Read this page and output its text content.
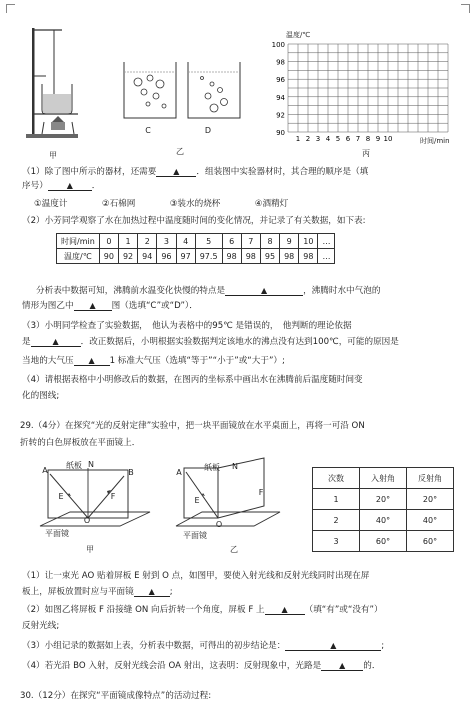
甲
C	D
乙
温度/℃
100
98
96
94
92
90
1 2 3 4 5 6 7 8 9 10	时间/min
丙

（1）除了图中所示的器材，还需要 ▲ ．组装图中实验器材时，其合理的顺序是（填

序号） ▲ ．

①温度计　　　　②石棉网　　　　③装水的烧杯　　　　④酒精灯

（2）小芳同学观察了水在加热过程中温度随时间的变化情况，并记录了有关数据，如下表:

时间/min	0	1	2	3	4	5	6	7	8	9	10	…
温度/℃	90	92	94	96	97	97.5	98	98	95	98	98	…

分析表中数据可知，沸腾前水温变化快慢的特点是	▲	，沸腾时水中气泡的

情形为图乙中 ▲ 图（选填“C”或“D”）．

（3）小明同学检查了实验数据，　他认为表格中的95℃ 是错误的，　他判断的理论依据

是	▲	．改正数据后，小明根据实验数据判定该地水的沸点没有达到100℃，可能的原因是

当地的大气压 ▲ 1 标准大气压（选填“等于”“小于”或“大于”）;

（4）请根据表格中小明修改后的数据，在图丙的坐标系中画出水在沸腾前后温度随时间变

化的图线;

29.（4分）在探究“光的反射定律”实验中，把一块平面镜放在水平桌面上，再将一可沿 ON

折转的白色屏板放在平面镜上．

纸板
A
N
B
E	F
O
平面镜
甲
纸板
A
N
E
F
O
平面镜
乙
次数	入射角	反射角
1	20°	20°
2	40°	40°
3	60°	60°

（1）让一束光 AO 贴着屏板 E 射到 O 点，如图甲，要使入射光线和反射光线同时出现在屏

板上，屏板放置时应与平面镜 ▲ ;

（2）如图乙将屏板 F 沿接缝 ON 向后折转一个角度，屏板 F 上 ▲ （填“有”或“没有”）

反射光线;

（3）小组记录的数据如上表，分析表中数据，可得出的初步结论是：	▲	;

（4）若光沿 BO 入射，反射光线会沿 OA 射出，这表明：反射现象中，光路是 ▲ 的．

30.（12分）在探究“平面镜成像特点”的活动过程:
